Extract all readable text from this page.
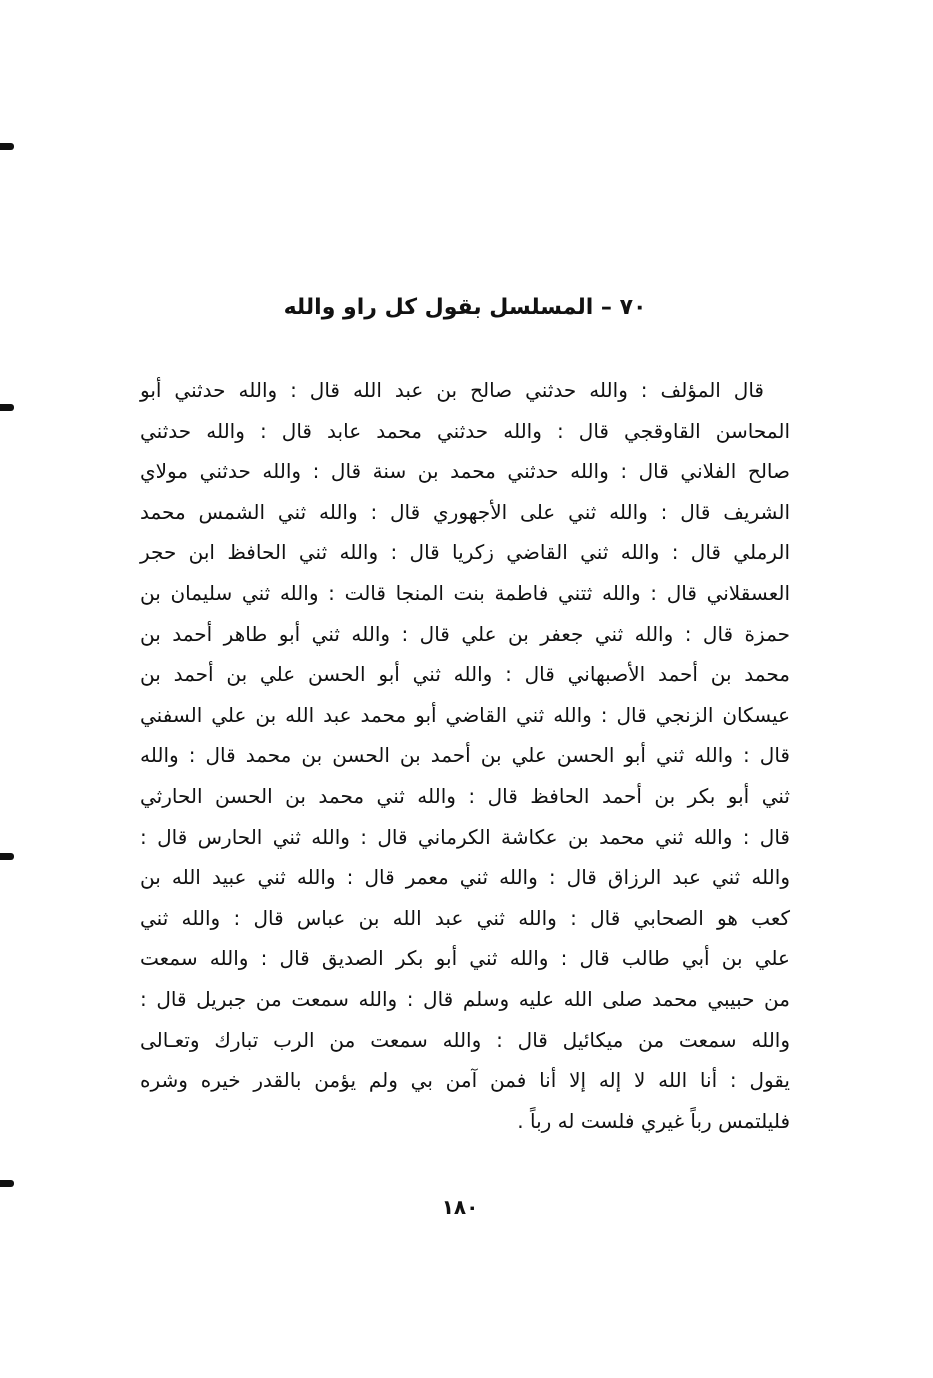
٧٠ – المسلسل بقول كل راو والله
قال المؤلف : والله حدثني صالح بن عبد الله قال : والله حدثني أبو
المحاسن القاوقجي قال : والله حدثني محمد عابد قال : والله حدثني
صالح الفلاني قال : والله حدثني محمد بن سنة قال : والله حدثني مولاي
الشريف قال : والله ثني على الأجهوري قال : والله ثني الشمس محمد
الرملي قال : والله ثني القاضي زكريا قال : والله ثني الحافظ ابن حجر
العسقلاني قال : والله ثتني فاطمة بنت المنجا قالت : والله ثني سليمان بن
حمزة قال : والله ثني جعفر بن علي قال : والله ثني أبو طاهر أحمد بن
محمد بن أحمد الأصبهاني قال : والله ثني أبو الحسن علي بن أحمد بن
عيسكان الزنجي قال : والله ثني القاضي أبو محمد عبد الله بن علي السفني
قال : والله ثني أبو الحسن علي بن أحمد بن الحسن بن محمد قال : والله
ثني أبو بكر بن أحمد الحافظ قال : والله ثني محمد بن الحسن الحارثي
قال : والله ثني محمد بن عكاشة الكرماني قال : والله ثني الحارس قال :
والله ثني عبد الرزاق قال : والله ثني معمر قال : والله ثني عبيد الله بن
كعب هو الصحابي قال : والله ثني عبد الله بن عباس قال : والله ثني
علي بن أبي طالب قال : والله ثني أبو بكر الصديق قال : والله سمعت
من حبيبي محمد صلى الله عليه وسلم قال : والله سمعت من جبريل قال :
والله سمعت من ميكائيل قال : والله سمعت من الرب تبارك وتعـالى
يقول : أنا الله لا إله إلا أنا فمن آمن بي ولم يؤمن بالقدر خيره وشره
فليلتمس رباً غيري فلست له رباً .
١٨٠
